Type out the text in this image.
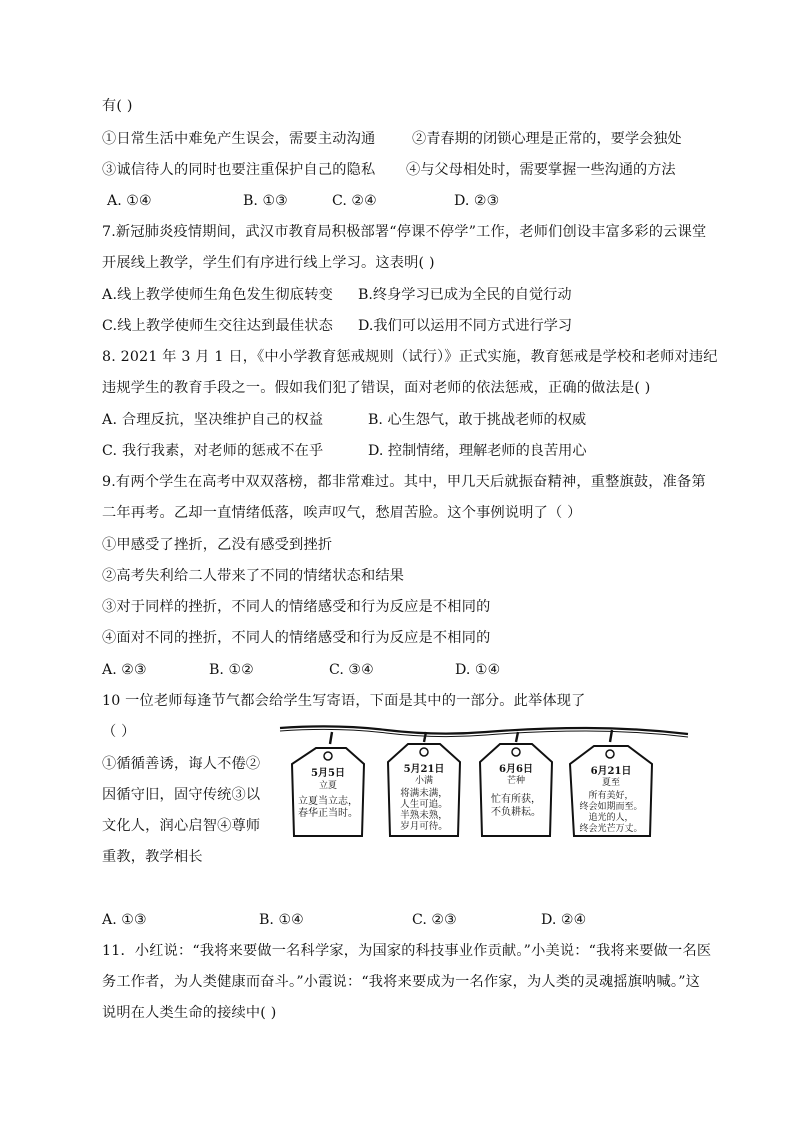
有( )
①日常生活中难免产生误会，需要主动沟通	②青春期的闭锁心理是正常的，要学会独处
③诚信待人的同时也要注重保护自己的隐私 ④与父母相处时，需要掌握一些沟通的方法
A. ①④	B. ①③	C. ②④	D. ②③
7.新冠肺炎疫情期间，武汉市教育局积极部署“停课不停学”工作，老师们创设丰富多彩的云课堂
开展线上教学，学生们有序进行线上学习。这表明( )
A.线上教学使师生角色发生彻底转变 B.终身学习已成为全民的自觉行动
C.线上教学使师生交往达到最佳状态 D.我们可以运用不同方式进行学习
8. 2021 年 3 月 1 日，《中小学教育惩戒规则（试行）》正式实施，教育惩戒是学校和老师对违纪
违规学生的教育手段之一。假如我们犯了错误，面对老师的依法惩戒，正确的做法是( )
A. 合理反抗，坚决维护自己的权益	B. 心生怨气，敢于挑战老师的权威
C. 我行我素，对老师的惩戒不在乎	D. 控制情绪，理解老师的良苦用心
9.有两个学生在高考中双双落榜，都非常难过。其中，甲几天后就振奋精神，重整旗鼓，准备第
二年再考。乙却一直情绪低落，唉声叹气，愁眉苦脸。这个事例说明了（ ）
①甲感受了挫折，乙没有感受到挫折
②高考失利给二人带来了不同的情绪状态和结果
③对于同样的挫折，不同人的情绪感受和行为反应是不相同的
④面对不同的挫折，不同人的情绪感受和行为反应是不相同的
A. ②③	B. ①②	C. ③④	D. ①④
10 一位老师每逢节气都会给学生写寄语，下面是其中的一部分。此举体现了
（ ）
①循循善诱，诲人不倦②
因循守旧，固守传统③以
文化人，润心启智④尊师
重教，教学相长
5月5日
立夏
立夏当立志，
春华正当时。
5月21日
小满
将满未满，
人生可追。
半熟未熟，
岁月可待。
6月6日
芒种
忙有所获，
不负耕耘。
6月21日
夏至
所有美好，
终会如期而至。
追光的人，
终会光芒万丈。
A. ①③	B. ①④	C. ②③	D. ②④
11．小红说：“我将来要做一名科学家，为国家的科技事业作贡献。”小美说：“我将来要做一名医
务工作者，为人类健康而奋斗。”小霞说：“我将来要成为一名作家，为人类的灵魂摇旗呐喊。”这
说明在人类生命的接续中( )
